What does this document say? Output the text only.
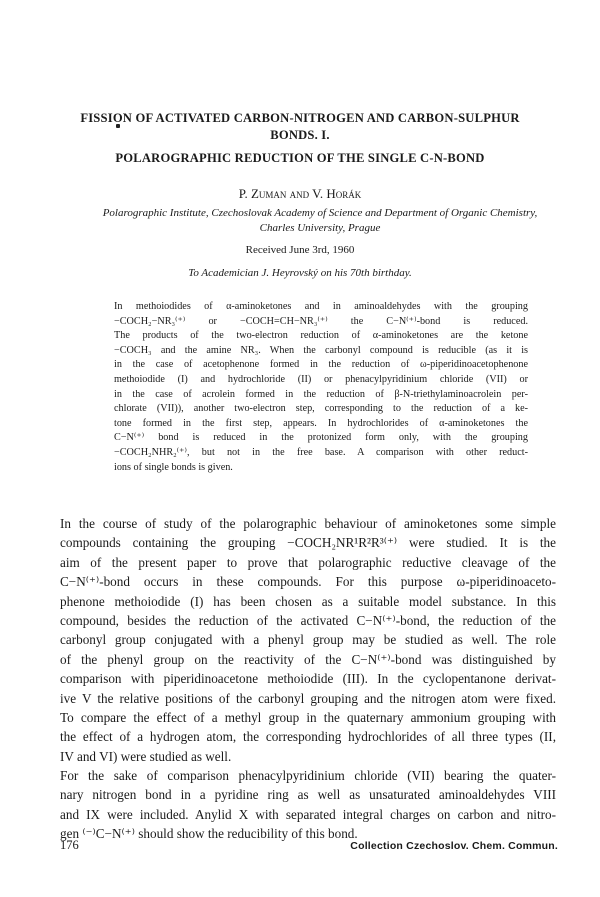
FISSION OF ACTIVATED CARBON-NITROGEN AND CARBON-SULPHUR
BONDS. I.
POLAROGRAPHIC REDUCTION OF THE SINGLE C-N-BOND
P. Zuman and V. Horák
Polarographic Institute, Czechoslovak Academy of Science and Department of Organic Chemistry,
Charles University, Prague
Received June 3rd, 1960
To Academician J. Heyrovský on his 70th birthday.
In methoiodides of α-aminoketones and in aminoaldehydes with the grouping
−COCH₂−NR₃⁽⁺⁾ or −COCH=CH−NR₃⁽⁺⁾ the C−N⁽⁺⁾-bond is reduced.
The products of the two-electron reduction of α-aminoketones are the ketone
−COCH₃ and the amine NR₃. When the carbonyl compound is reducible (as it is
in the case of acetophenone formed in the reduction of ω-piperidinoacetophenone
methoiodide (I) and hydrochloride (II) or phenacylpyridinium chloride (VII) or
in the case of acrolein formed in the reduction of β-N-triethylaminoacrolein per-
chlorate (VII)), another two-electron step, corresponding to the reduction of a ke-
tone formed in the first step, appears. In hydrochlorides of α-aminoketones the
C−N⁽⁺⁾ bond is reduced in the protonized form only, with the grouping
−COCH₂NHR₂⁽⁺⁾, but not in the free base. A comparison with other reduct-
ions of single bonds is given.
In the course of study of the polarographic behaviour of aminoketones some simple
compounds containing the grouping −COCH₂NR¹R²R³⁽⁺⁾ were studied. It is the
aim of the present paper to prove that polarographic reductive cleavage of the
C−N⁽⁺⁾-bond occurs in these compounds. For this purpose ω-piperidinoaceto-
phenone methoiodide (I) has been chosen as a suitable model substance. In this
compound, besides the reduction of the activated C−N⁽⁺⁾-bond, the reduction of the
carbonyl group conjugated with a phenyl group may be studied as well. The role
of the phenyl group on the reactivity of the C−N⁽⁺⁾-bond was distinguished by
comparison with piperidinoacetone methoiodide (III). In the cyclopentanone derivat-
ive V the relative positions of the carbonyl grouping and the nitrogen atom were fixed.
To compare the effect of a methyl group in the quaternary ammonium grouping with
the effect of a hydrogen atom, the corresponding hydrochlorides of all three types (II,
IV and VI) were studied as well.
For the sake of comparison phenacylpyridinium chloride (VII) bearing the quater-
nary nitrogen bond in a pyridine ring as well as unsaturated aminoaldehydes VIII
and IX were included. Anylid X with separated integral charges on carbon and nitro-
gen ⁽⁻⁾C−N⁽⁺⁾ should show the reducibility of this bond.
176	Collection Czechoslov. Chem. Commun.
